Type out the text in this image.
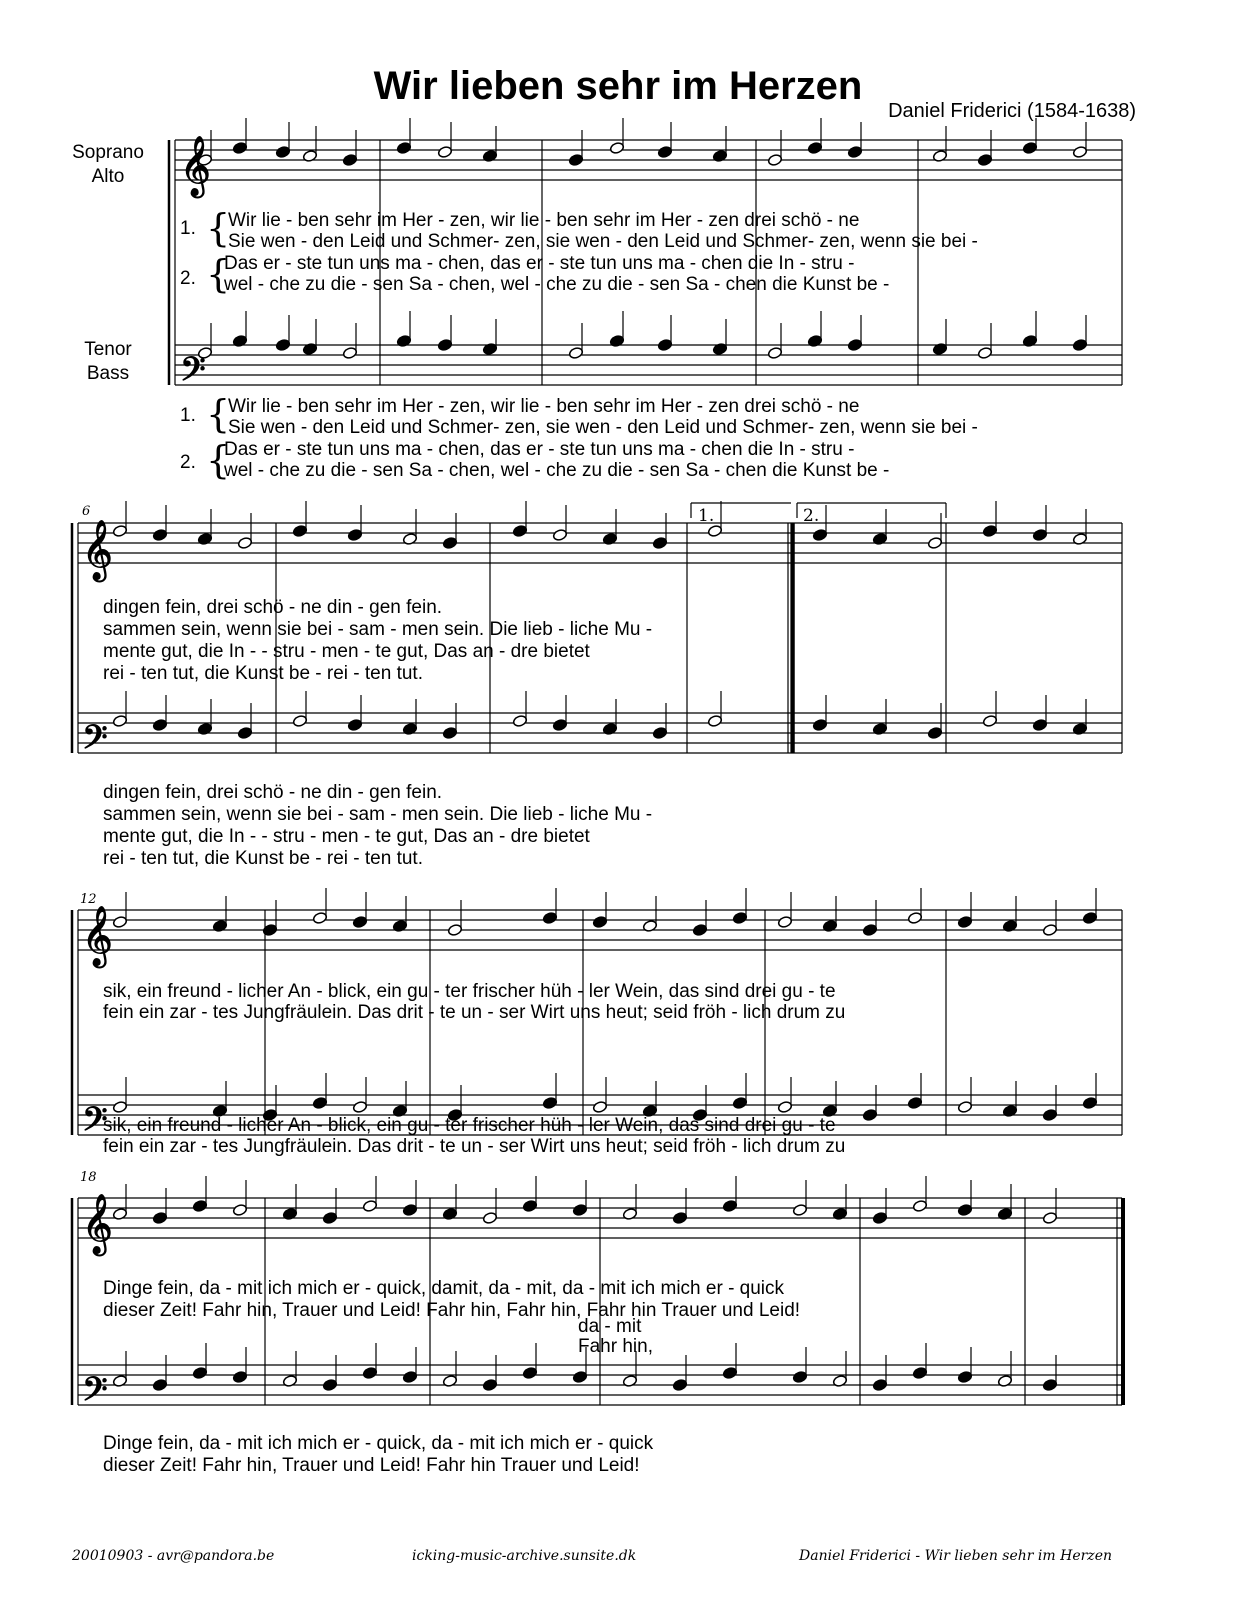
Wir lieben sehr im Herzen
Daniel Friderici (1584-1638)
Soprano
Alto
Tenor
Bass
𝄞
𝄞
𝄞
𝄞
𝄢
𝄢
𝄢
𝄢
1.
2.
{
{
Wir lie - ben sehr im Her - zen, wir lie - ben sehr im Her - zen drei schö - ne
Sie wen - den Leid und Schmer- zen, sie wen - den Leid und Schmer- zen, wenn sie bei -
Das er - ste tun uns ma - chen, das er - ste tun uns ma - chen die In - stru -
wel - che zu die - sen Sa - chen, wel - che zu die - sen Sa - chen die Kunst be -
1.
2.
{
{
Wir lie - ben sehr im Her - zen, wir lie - ben sehr im Her - zen drei schö - ne
Sie wen - den Leid und Schmer- zen, sie wen - den Leid und Schmer- zen, wenn sie bei -
Das er - ste tun uns ma - chen, das er - ste tun uns ma - chen die In - stru -
wel - che zu die - sen Sa - chen, wel - che zu die - sen Sa - chen die Kunst be -
6	1.	2.
dingen fein, drei schö - ne din - gen fein.
sammen sein, wenn sie bei - sam - men sein. Die lieb - liche Mu -
mente gut, die In - - stru - men - te gut, Das an - dre bietet
rei - ten tut, die Kunst be - rei - ten tut.
dingen fein, drei schö - ne din - gen fein.
sammen sein, wenn sie bei - sam - men sein. Die lieb - liche Mu -
mente gut, die In - - stru - men - te gut, Das an - dre bietet
rei - ten tut, die Kunst be - rei - ten tut.
12
sik, ein freund - licher An - blick, ein gu - ter frischer hüh - ler Wein, das sind drei gu - te
fein ein zar - tes Jungfräulein. Das drit - te un - ser Wirt uns heut; seid fröh - lich drum zu
sik, ein freund - licher An - blick, ein gu - ter frischer hüh - ler Wein, das sind drei gu - te
fein ein zar - tes Jungfräulein. Das drit - te un - ser Wirt uns heut; seid fröh - lich drum zu
18
Dinge fein, da - mit ich mich er - quick, damit, da - mit, da - mit ich mich er - quick
dieser Zeit! Fahr hin, Trauer und Leid! Fahr hin, Fahr hin, Fahr hin Trauer und Leid!
da - mit
Fahr hin,
Dinge fein, da - mit ich mich er - quick, da - mit ich mich er - quick
dieser Zeit! Fahr hin, Trauer und Leid! Fahr hin Trauer und Leid!
20010903 - avr@pandora.be	icking-music-archive.sunsite.dk	Daniel Friderici - Wir lieben sehr im Herzen
